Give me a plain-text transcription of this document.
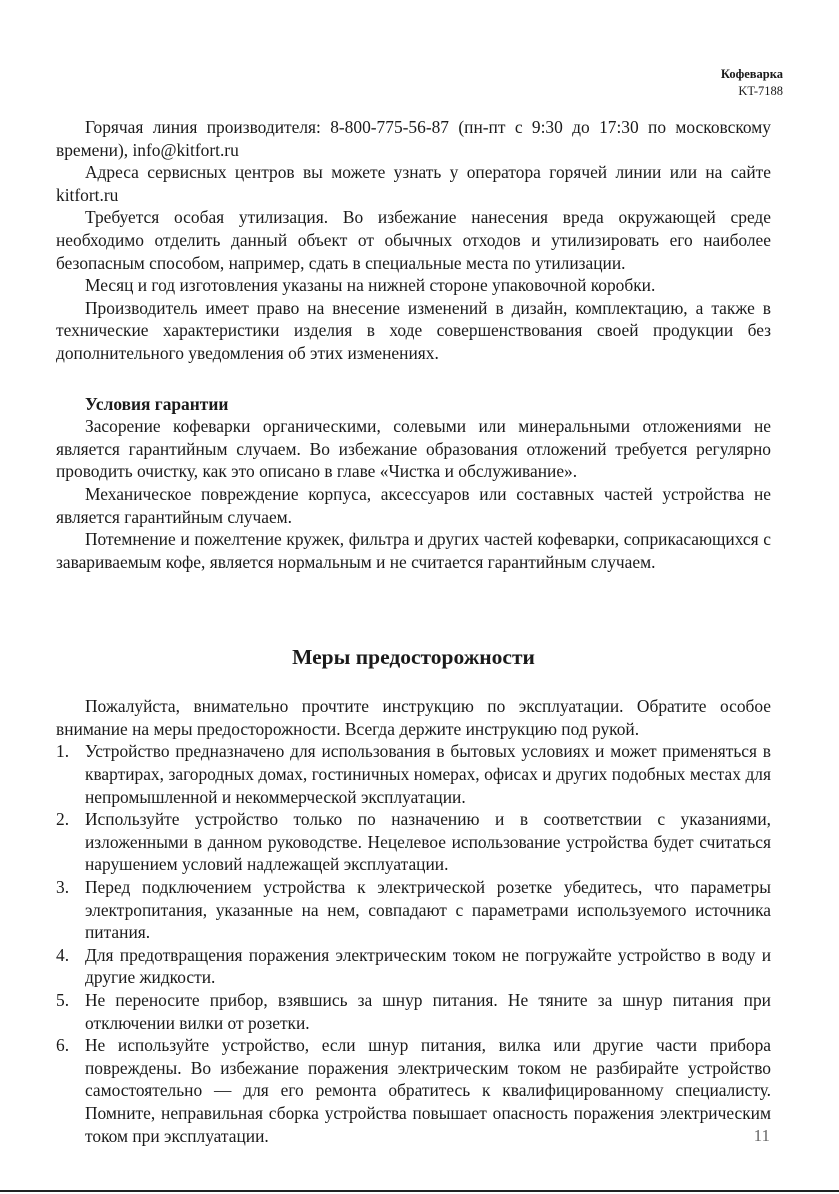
Кофеварка
KT-7188

Горячая линия производителя: 8-800-775-56-87 (пн-пт с 9:30 до 17:30 по московскому времени), info@kitfort.ru

Адреса сервисных центров вы можете узнать у оператора горячей линии или на сайте kitfort.ru

Требуется особая утилизация. Во избежание нанесения вреда окружающей среде необходимо отделить данный объект от обычных отходов и утилизировать его наиболее безопасным способом, например, сдать в специальные места по утилизации.

Месяц и год изготовления указаны на нижней стороне упаковочной коробки.

Производитель имеет право на внесение изменений в дизайн, комплектацию, а также в технические характеристики изделия в ходе совершенствования своей продукции без дополнительного уведомления об этих изменениях.

Условия гарантии

Засорение кофеварки органическими, солевыми или минеральными отложениями не является гарантийным случаем. Во избежание образования отложений требуется регулярно проводить очистку, как это описано в главе «Чистка и обслуживание».

Механическое повреждение корпуса, аксессуаров или составных частей устройства не является гарантийным случаем.

Потемнение и пожелтение кружек, фильтра и других частей кофеварки, соприкасающихся с завариваемым кофе, является нормальным и не считается гарантийным случаем.

Меры предосторожности

Пожалуйста, внимательно прочтите инструкцию по эксплуатации. Обратите особое внимание на меры предосторожности. Всегда держите инструкцию под рукой.

1. Устройство предназначено для использования в бытовых условиях и может применяться в квартирах, загородных домах, гостиничных номерах, офисах и других подобных местах для непромышленной и некоммерческой эксплуатации.
2. Используйте устройство только по назначению и в соответствии с указаниями, изложенными в данном руководстве. Нецелевое использование устройства будет считаться нарушением условий надлежащей эксплуатации.
3. Перед подключением устройства к электрической розетке убедитесь, что параметры электропитания, указанные на нем, совпадают с параметрами используемого источника питания.
4. Для предотвращения поражения электрическим током не погружайте устройство в воду и другие жидкости.
5. Не переносите прибор, взявшись за шнур питания. Не тяните за шнур питания при отключении вилки от розетки.
6. Не используйте устройство, если шнур питания, вилка или другие части прибора повреждены. Во избежание поражения электрическим током не разбирайте устройство самостоятельно — для его ремонта обратитесь к квалифицированному специалисту. Помните, неправильная сборка устройства повышает опасность поражения электрическим током при эксплуатации.	11
